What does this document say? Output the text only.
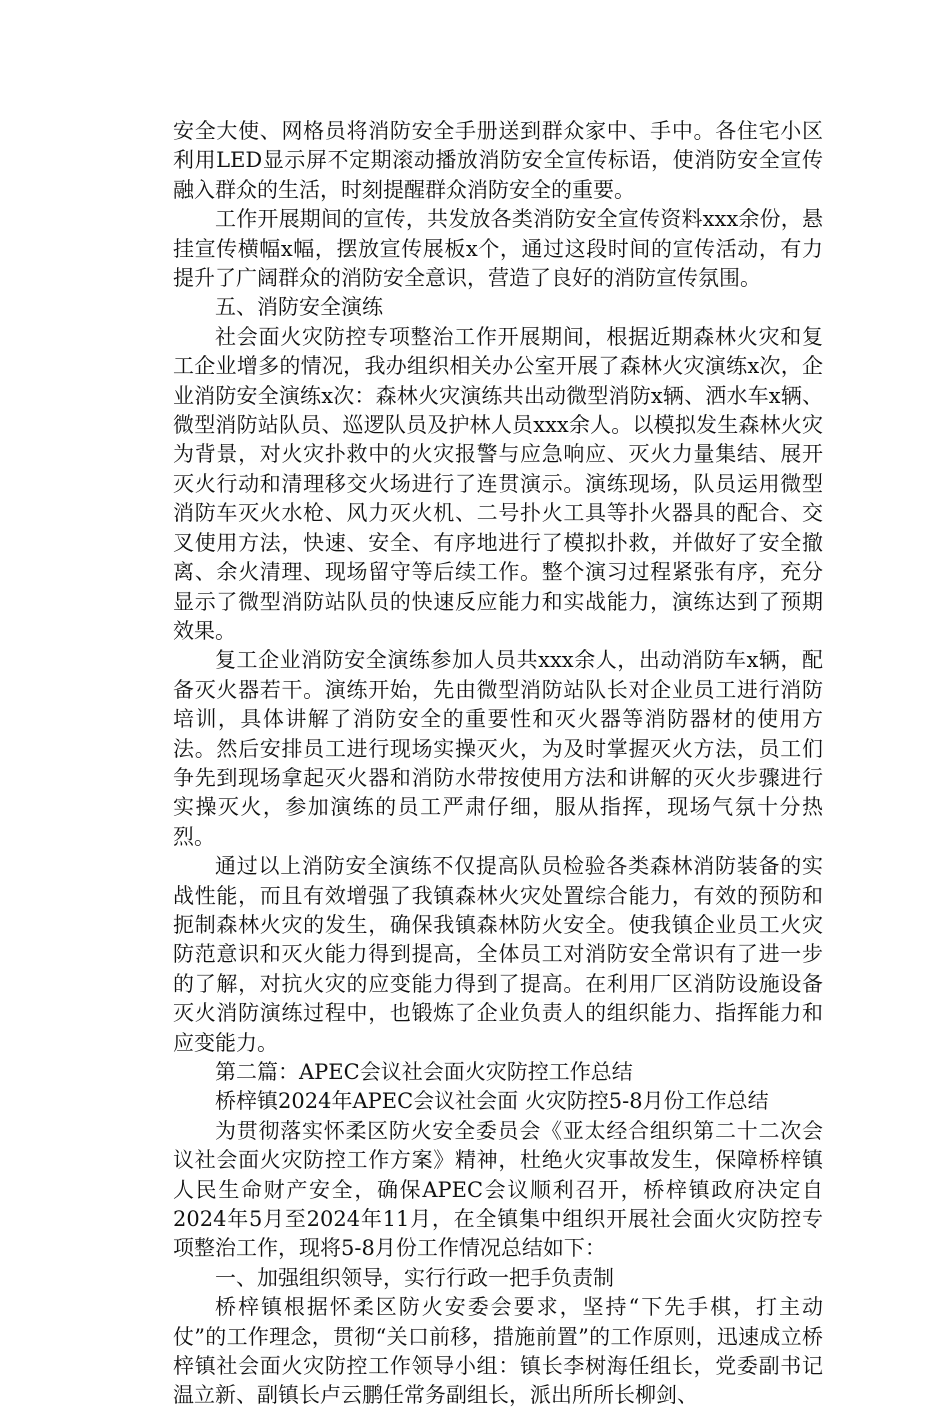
安全大使、网格员将消防安全手册送到群众家中、手中。各住宅小区利用LED显示屏不定期滚动播放消防安全宣传标语，使消防安全宣传融入群众的生活，时刻提醒群众消防安全的重要。

工作开展期间的宣传，共发放各类消防安全宣传资料xxx余份，悬挂宣传横幅x幅，摆放宣传展板x个，通过这段时间的宣传活动，有力提升了广阔群众的消防安全意识，营造了良好的消防宣传氛围。

五、消防安全演练

社会面火灾防控专项整治工作开展期间，根据近期森林火灾和复工企业增多的情况，我办组织相关办公室开展了森林火灾演练x次，企业消防安全演练x次：森林火灾演练共出动微型消防x辆、洒水车x辆、微型消防站队员、巡逻队员及护林人员xxx余人。以模拟发生森林火灾为背景，对火灾扑救中的火灾报警与应急响应、灭火力量集结、展开灭火行动和清理移交火场进行了连贯演示。演练现场，队员运用微型消防车灭火水枪、风力灭火机、二号扑火工具等扑火器具的配合、交叉使用方法，快速、安全、有序地进行了模拟扑救，并做好了安全撤离、余火清理、现场留守等后续工作。整个演习过程紧张有序，充分显示了微型消防站队员的快速反应能力和实战能力，演练达到了预期效果。

复工企业消防安全演练参加人员共xxx余人，出动消防车x辆，配备灭火器若干。演练开始，先由微型消防站队长对企业员工进行消防培训，具体讲解了消防安全的重要性和灭火器等消防器材的使用方法。然后安排员工进行现场实操灭火，为及时掌握灭火方法，员工们争先到现场拿起灭火器和消防水带按使用方法和讲解的灭火步骤进行实操灭火，参加演练的员工严肃仔细，服从指挥，现场气氛十分热烈。

通过以上消防安全演练不仅提高队员检验各类森林消防装备的实战性能，而且有效增强了我镇森林火灾处置综合能力，有效的预防和扼制森林火灾的发生，确保我镇森林防火安全。使我镇企业员工火灾防范意识和灭火能力得到提高，全体员工对消防安全常识有了进一步的了解，对抗火灾的应变能力得到了提高。在利用厂区消防设施设备灭火消防演练过程中，也锻炼了企业负责人的组织能力、指挥能力和应变能力。

第二篇：APEC会议社会面火灾防控工作总结

桥梓镇2024年APEC会议社会面 火灾防控5-8月份工作总结

为贯彻落实怀柔区防火安全委员会《亚太经合组织第二十二次会议社会面火灾防控工作方案》精神，杜绝火灾事故发生，保障桥梓镇人民生命财产安全，确保APEC会议顺利召开，桥梓镇政府决定自2024年5月至2024年11月，在全镇集中组织开展社会面火灾防控专项整治工作，现将5-8月份工作情况总结如下：

一、加强组织领导，实行行政一把手负责制

桥梓镇根据怀柔区防火安委会要求，坚持“下先手棋，打主动仗”的工作理念，贯彻“关口前移，措施前置”的工作原则，迅速成立桥梓镇社会面火灾防控工作领导小组：镇长李树海任组长，党委副书记温立新、副镇长卢云鹏任常务副组长，派出所所长柳剑、
